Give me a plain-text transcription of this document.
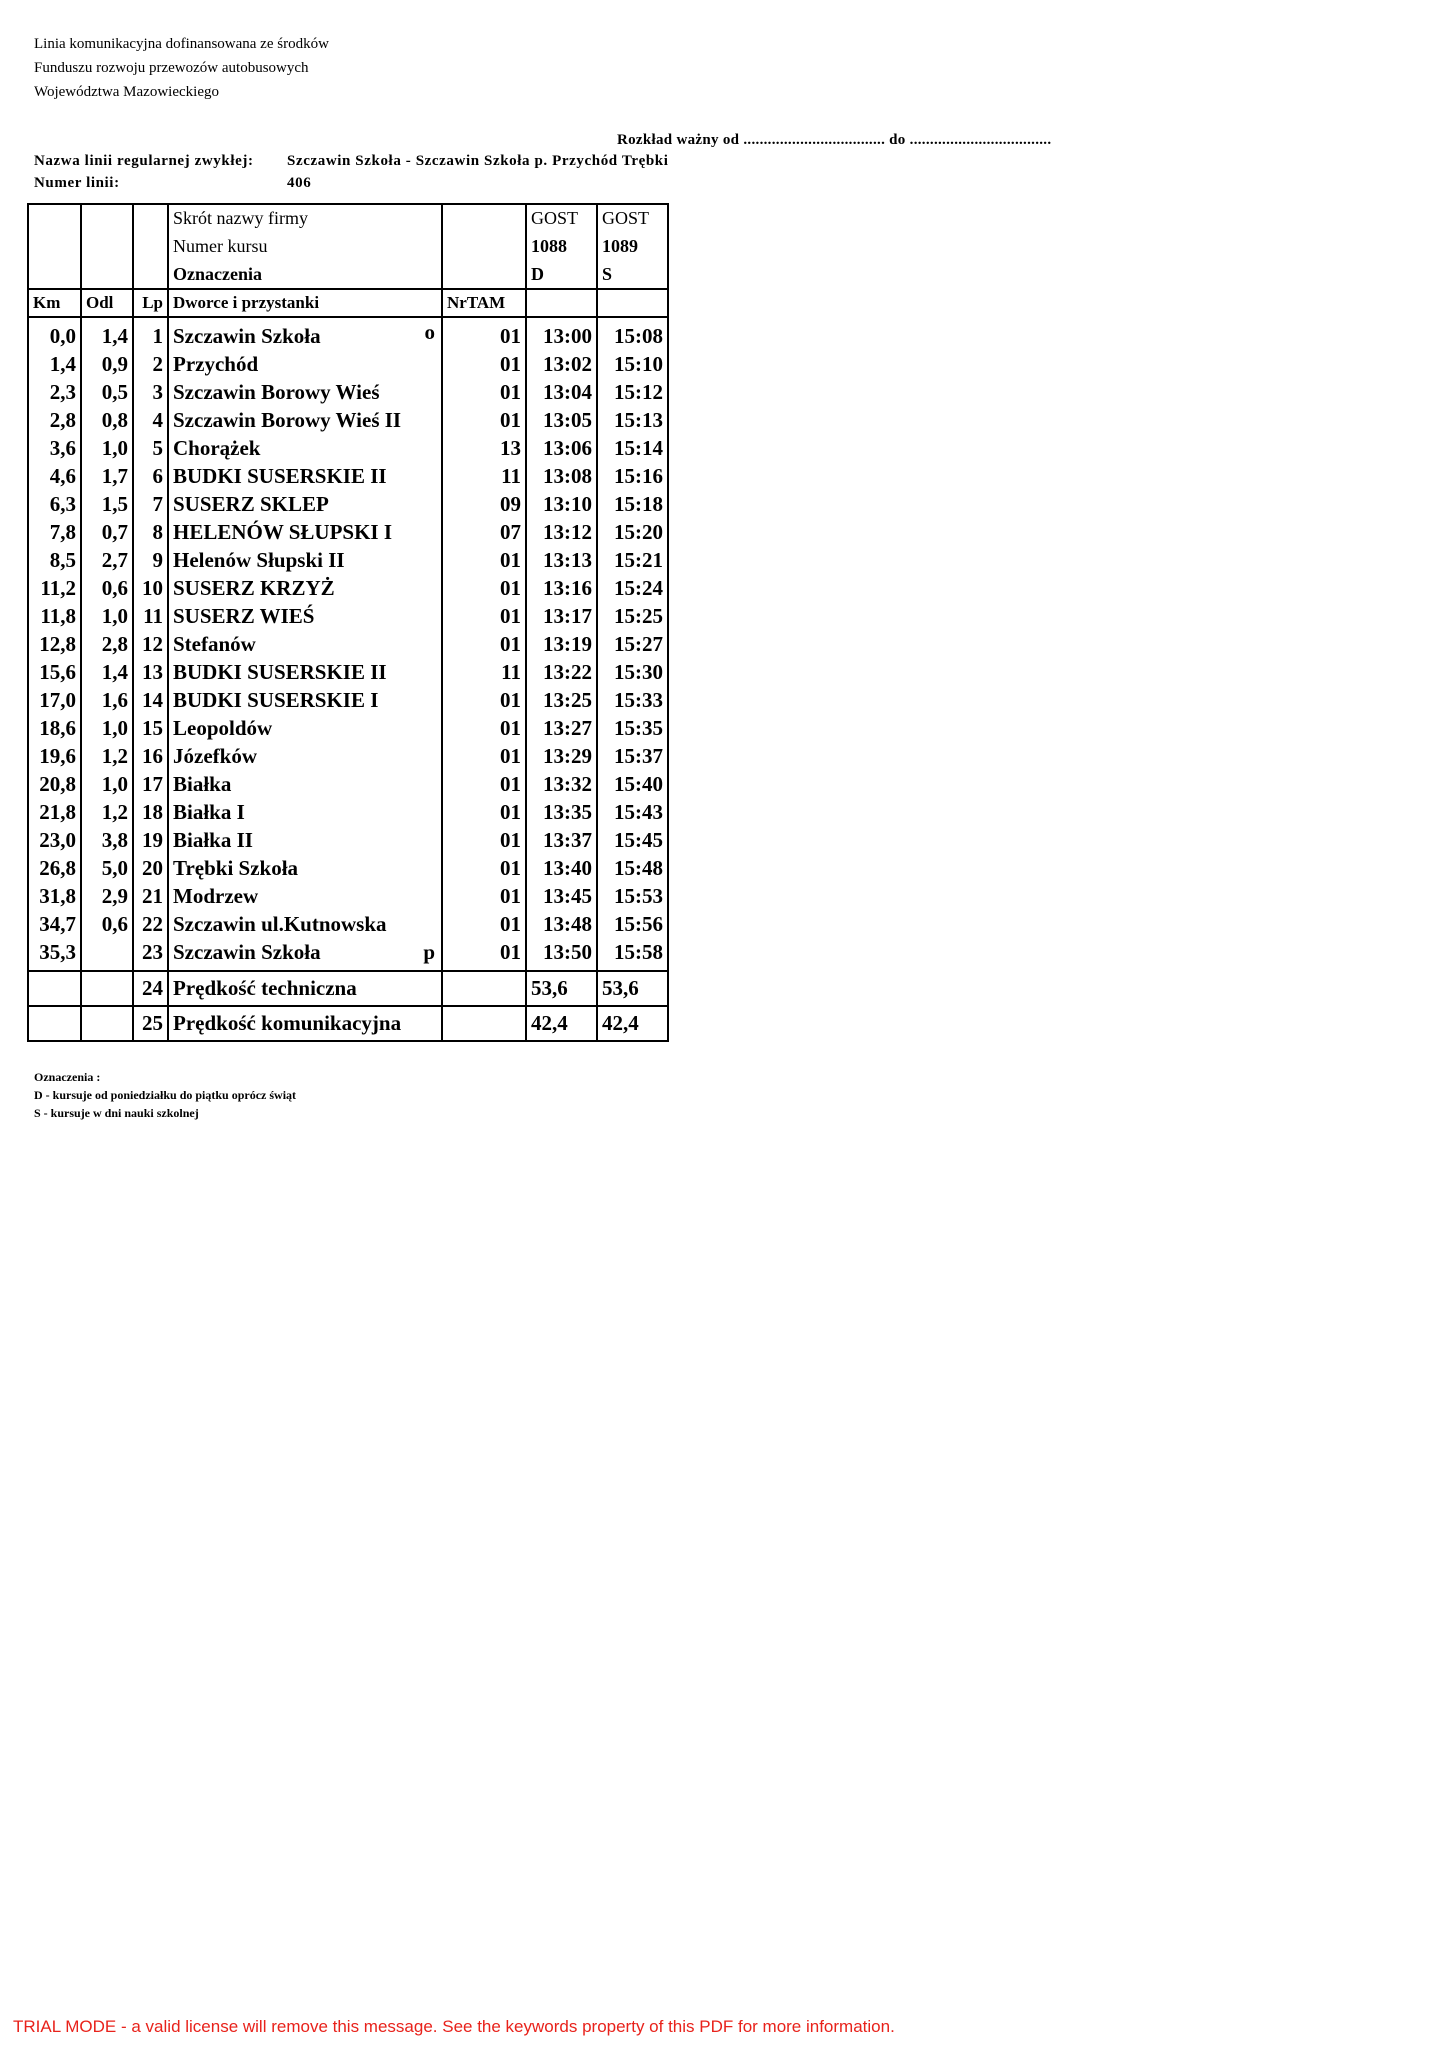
Linia komunikacyjna dofinansowana ze środków
Funduszu rozwoju przewozów autobusowych
Województwa Mazowieckiego
Rozkład ważny od ................................... do ...................................
Nazwa linii regularnej zwykłej: Szczawin Szkoła - Szczawin Szkoła p. Przychód Trębki
Numer linii:	406
			Skrót nazwy firmy		GOST	GOST
			Numer kursu		1088	1089
			Oznaczenia		D	S
Km	Odl	Lp	Dworce i przystanki	NrTAM		
0,0	1,4	1	Szczawin Szkoła o	01	13:00	15:08
1,4	0,9	2	Przychód	01	13:02	15:10
2,3	0,5	3	Szczawin Borowy Wieś	01	13:04	15:12
2,8	0,8	4	Szczawin Borowy Wieś II	01	13:05	15:13
3,6	1,0	5	Chorążek	13	13:06	15:14
4,6	1,7	6	BUDKI SUSERSKIE II	11	13:08	15:16
6,3	1,5	7	SUSERZ SKLEP	09	13:10	15:18
7,8	0,7	8	HELENÓW SŁUPSKI I	07	13:12	15:20
8,5	2,7	9	Helenów Słupski II	01	13:13	15:21
11,2	0,6	10	SUSERZ KRZYŻ	01	13:16	15:24
11,8	1,0	11	SUSERZ WIEŚ	01	13:17	15:25
12,8	2,8	12	Stefanów	01	13:19	15:27
15,6	1,4	13	BUDKI SUSERSKIE II	11	13:22	15:30
17,0	1,6	14	BUDKI SUSERSKIE I	01	13:25	15:33
18,6	1,0	15	Leopoldów	01	13:27	15:35
19,6	1,2	16	Józefków	01	13:29	15:37
20,8	1,0	17	Białka	01	13:32	15:40
21,8	1,2	18	Białka I	01	13:35	15:43
23,0	3,8	19	Białka II	01	13:37	15:45
26,8	5,0	20	Trębki Szkoła	01	13:40	15:48
31,8	2,9	21	Modrzew	01	13:45	15:53
34,7	0,6	22	Szczawin ul.Kutnowska	01	13:48	15:56
35,3		23	Szczawin Szkoła p	01	13:50	15:58
		24	Prędkość techniczna		53,6	53,6
		25	Prędkość komunikacyjna		42,4	42,4
Oznaczenia :
D - kursuje od poniedziałku do piątku oprócz świąt
S - kursuje w dni nauki szkolnej
TRIAL MODE - a valid license will remove this message. See the keywords property of this PDF for more information.
